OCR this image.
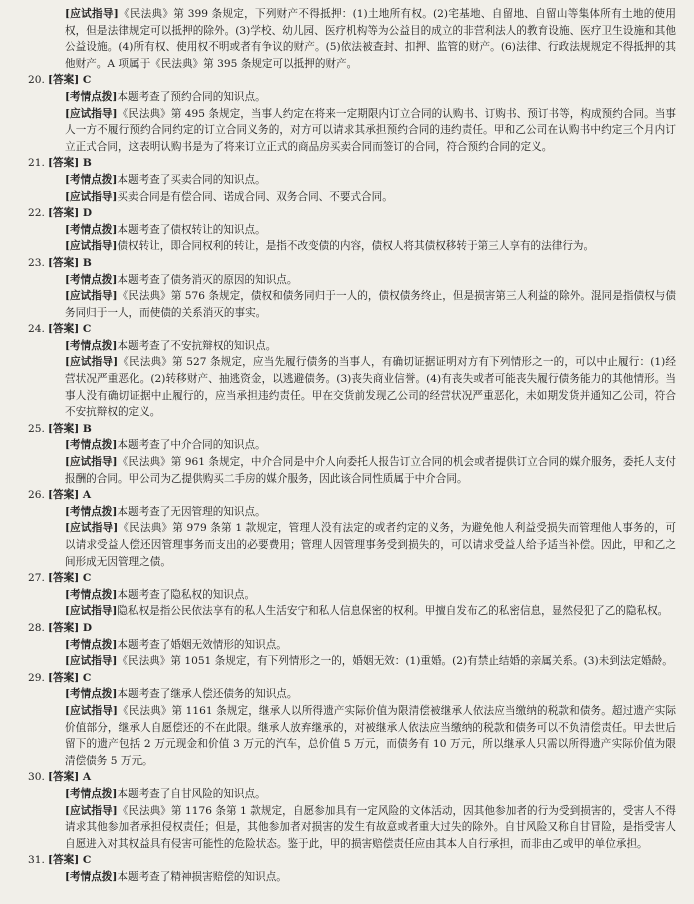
[应试指导]《民法典》第 399 条规定，下列财产不得抵押：(1)土地所有权。(2)宅基地、自留地、自留山等集体所有土地的使用权，但是法律规定可以抵押的除外。(3)学校、幼儿园、医疗机构等为公益目的成立的非营利法人的教育设施、医疗卫生设施和其他公益设施。(4)所有权、使用权不明或者有争议的财产。(5)依法被查封、扣押、监管的财产。(6)法律、行政法规规定不得抵押的其他财产。A 项属于《民法典》第 395 条规定可以抵押的财产。
20. [答案] C
[考情点拨]本题考查了预约合同的知识点。
[应试指导]《民法典》第 495 条规定，当事人约定在将来一定期限内订立合同的认购书、订购书、预订书等，构成预约合同。当事人一方不履行预约合同约定的订立合同义务的，对方可以请求其承担预约合同的违约责任。甲和乙公司在认购书中约定三个月内订立正式合同，这表明认购书是为了将来订立正式的商品房买卖合同而签订的合同，符合预约合同的定义。
21. [答案] B
[考情点拨]本题考查了买卖合同的知识点。
[应试指导]买卖合同是有偿合同、诺成合同、双务合同、不要式合同。
22. [答案] D
[考情点拨]本题考查了债权转让的知识点。
[应试指导]债权转让，即合同权利的转让，是指不改变债的内容，债权人将其债权移转于第三人享有的法律行为。
23. [答案] B
[考情点拨]本题考查了债务消灭的原因的知识点。
[应试指导]《民法典》第 576 条规定，债权和债务同归于一人的，债权债务终止，但是损害第三人利益的除外。混同是指债权与债务同归于一人，而使债的关系消灭的事实。
24. [答案] C
[考情点拨]本题考查了不安抗辩权的知识点。
[应试指导]《民法典》第 527 条规定，应当先履行债务的当事人，有确切证据证明对方有下列情形之一的，可以中止履行：(1)经营状况严重恶化。(2)转移财产、抽逃资金，以逃避债务。(3)丧失商业信誉。(4)有丧失或者可能丧失履行债务能力的其他情形。当事人没有确切证据中止履行的，应当承担违约责任。甲在交货前发现乙公司的经营状况严重恶化，未如期发货并通知乙公司，符合不安抗辩权的定义。
25. [答案] B
[考情点拨]本题考查了中介合同的知识点。
[应试指导]《民法典》第 961 条规定，中介合同是中介人向委托人报告订立合同的机会或者提供订立合同的媒介服务，委托人支付报酬的合同。甲公司为乙提供购买二手房的媒介服务，因此该合同性质属于中介合同。
26. [答案] A
[考情点拨]本题考查了无因管理的知识点。
[应试指导]《民法典》第 979 条第 1 款规定，管理人没有法定的或者约定的义务，为避免他人利益受损失而管理他人事务的，可以请求受益人偿还因管理事务而支出的必要费用；管理人因管理事务受到损失的，可以请求受益人给予适当补偿。因此，甲和乙之间形成无因管理之债。
27. [答案] C
[考情点拨]本题考查了隐私权的知识点。
[应试指导]隐私权是指公民依法享有的私人生活安宁和私人信息保密的权利。甲擅自发布乙的私密信息，显然侵犯了乙的隐私权。
28. [答案] D
[考情点拨]本题考查了婚姻无效情形的知识点。
[应试指导]《民法典》第 1051 条规定，有下列情形之一的，婚姻无效：(1)重婚。(2)有禁止结婚的亲属关系。(3)未到法定婚龄。
29. [答案] C
[考情点拨]本题考查了继承人偿还债务的知识点。
[应试指导]《民法典》第 1161 条规定，继承人以所得遗产实际价值为限清偿被继承人依法应当缴纳的税款和债务。超过遗产实际价值部分，继承人自愿偿还的不在此限。继承人放弃继承的，对被继承人依法应当缴纳的税款和债务可以不负清偿责任。甲去世后留下的遗产包括 2 万元现金和价值 3 万元的汽车，总价值 5 万元，而债务有 10 万元，所以继承人只需以所得遗产实际价值为限清偿债务 5 万元。
30. [答案] A
[考情点拨]本题考查了自甘风险的知识点。
[应试指导]《民法典》第 1176 条第 1 款规定，自愿参加具有一定风险的文体活动，因其他参加者的行为受到损害的，受害人不得请求其他参加者承担侵权责任；但是，其他参加者对损害的发生有故意或者重大过失的除外。自甘风险又称自甘冒险，是指受害人自愿进入对其权益具有侵害可能性的危险状态。鉴于此，甲的损害赔偿责任应由其本人自行承担，而非由乙或甲的单位承担。
31. [答案] C
[考情点拨]本题考查了精神损害赔偿的知识点。
